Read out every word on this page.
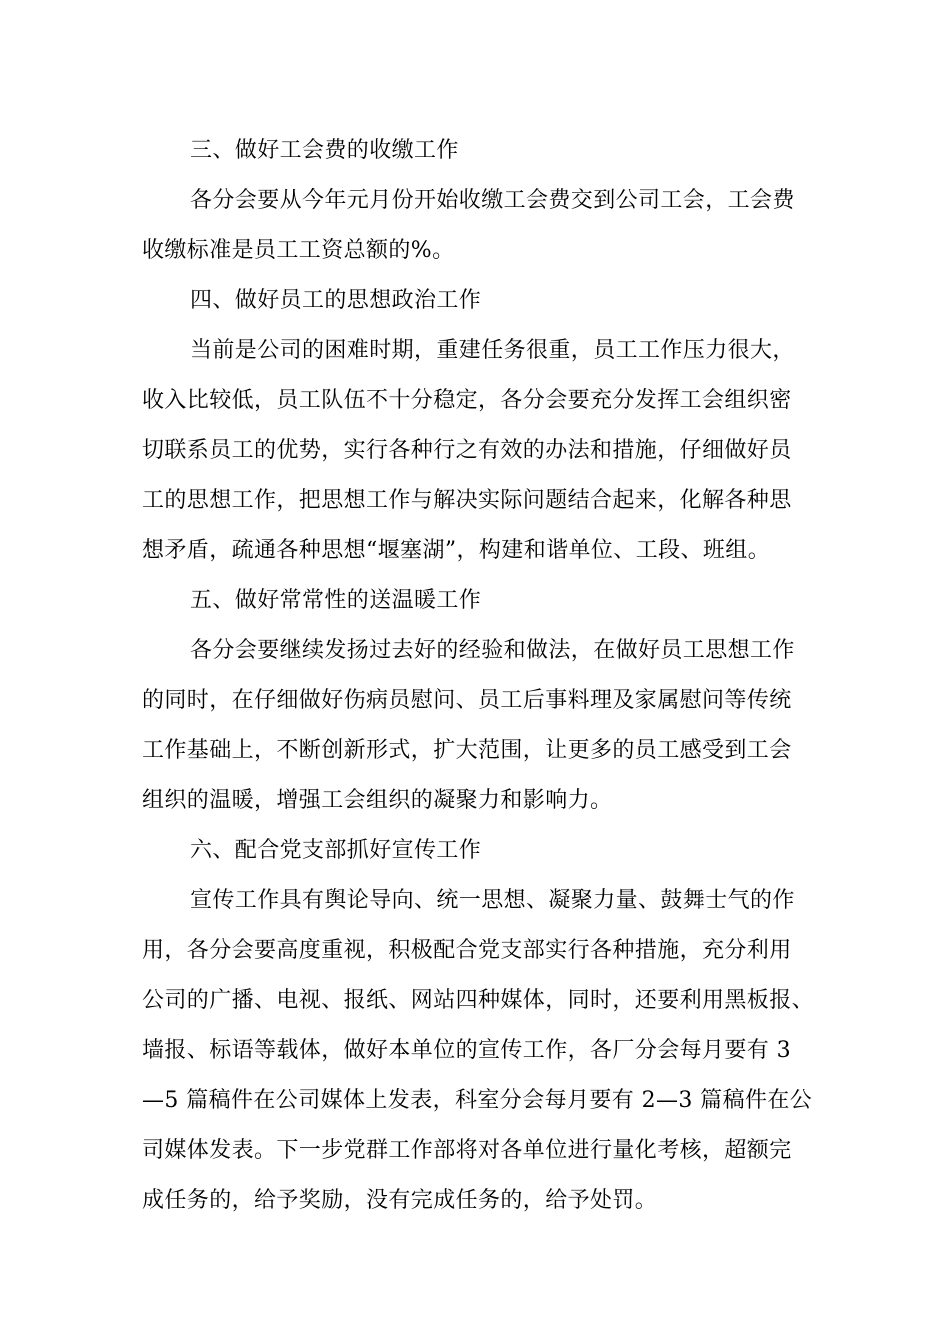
三、做好工会费的收缴工作
各分会要从今年元月份开始收缴工会费交到公司工会，工会费
收缴标准是员工工资总额的%。
四、做好员工的思想政治工作
当前是公司的困难时期，重建任务很重，员工工作压力很大，
收入比较低，员工队伍不十分稳定，各分会要充分发挥工会组织密
切联系员工的优势，实行各种行之有效的办法和措施，仔细做好员
工的思想工作，把思想工作与解决实际问题结合起来，化解各种思
想矛盾，疏通各种思想“堰塞湖”，构建和谐单位、工段、班组。
五、做好常常性的送温暖工作
各分会要继续发扬过去好的经验和做法，在做好员工思想工作
的同时，在仔细做好伤病员慰问、员工后事料理及家属慰问等传统
工作基础上，不断创新形式，扩大范围，让更多的员工感受到工会
组织的温暖，增强工会组织的凝聚力和影响力。
六、配合党支部抓好宣传工作
宣传工作具有舆论导向、统一思想、凝聚力量、鼓舞士气的作
用，各分会要高度重视，积极配合党支部实行各种措施，充分利用
公司的广播、电视、报纸、网站四种媒体，同时，还要利用黑板报、
墙报、标语等载体，做好本单位的宣传工作，各厂分会每月要有 3
—5 篇稿件在公司媒体上发表，科室分会每月要有 2—3 篇稿件在公
司媒体发表。下一步党群工作部将对各单位进行量化考核，超额完
成任务的，给予奖励，没有完成任务的，给予处罚。
